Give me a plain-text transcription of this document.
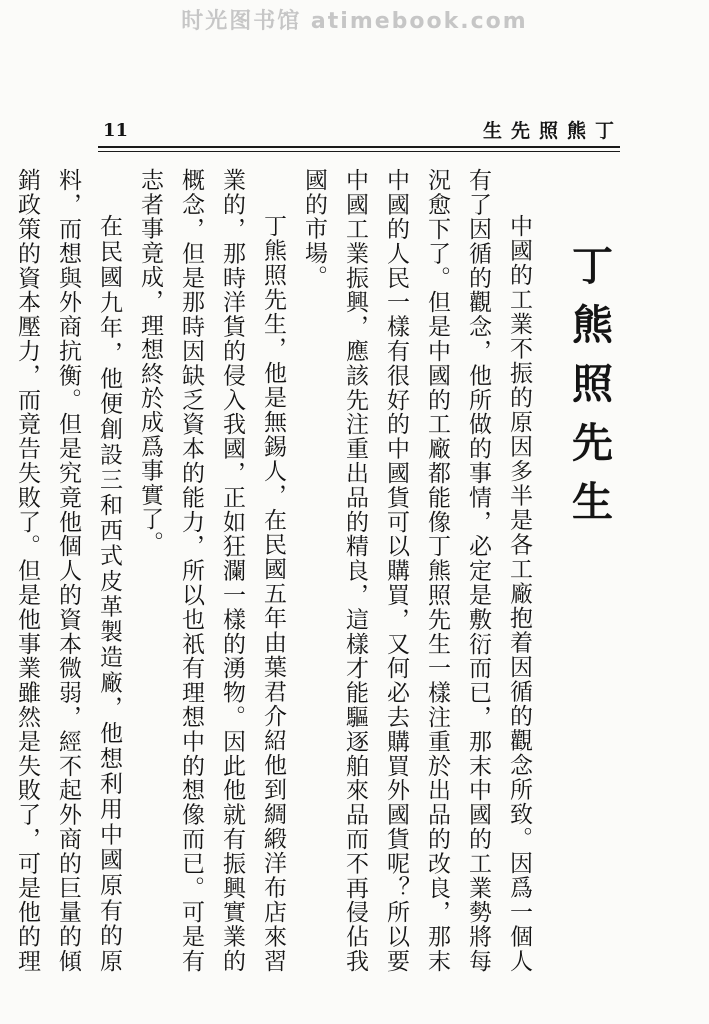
时光图书馆 atimebook.com
11	丁熊照先生
丁熊照先生

中國的工業不振的原因多半是各工廠抱着因循的觀念所致。因爲一個人有了因循的觀念，他所做的事情，必定是敷衍而已，那末中國的工業勢將每況愈下了。但是中國的工廠都能像丁熊照先生一樣注重於出品的改良，那末中國的人民一樣有很好的中國貨可以購買，又何必去購買外國貨呢？所以要中國工業振興，應該先注重出品的精良，這樣才能驅逐舶來品而不再侵佔我國的市場。

丁熊照先生，他是無錫人，在民國五年由葉君介紹他到綢緞洋布店來習業的，那時洋貨的侵入我國，正如狂瀾一樣的湧物。因此他就有振興實業的概念，但是那時因缺乏資本的能力，所以也祇有理想中的想像而已。可是有志者事竟成，理想終於成爲事實了。

在民國九年，他便創設三和西式皮革製造廠，他想利用中國原有的原料，而想與外商抗衡。但是究竟他個人的資本微弱，經不起外商的巨量的傾銷政策的資本壓力，而竟告失敗了。但是他事業雖然是失敗了，可是他的理
